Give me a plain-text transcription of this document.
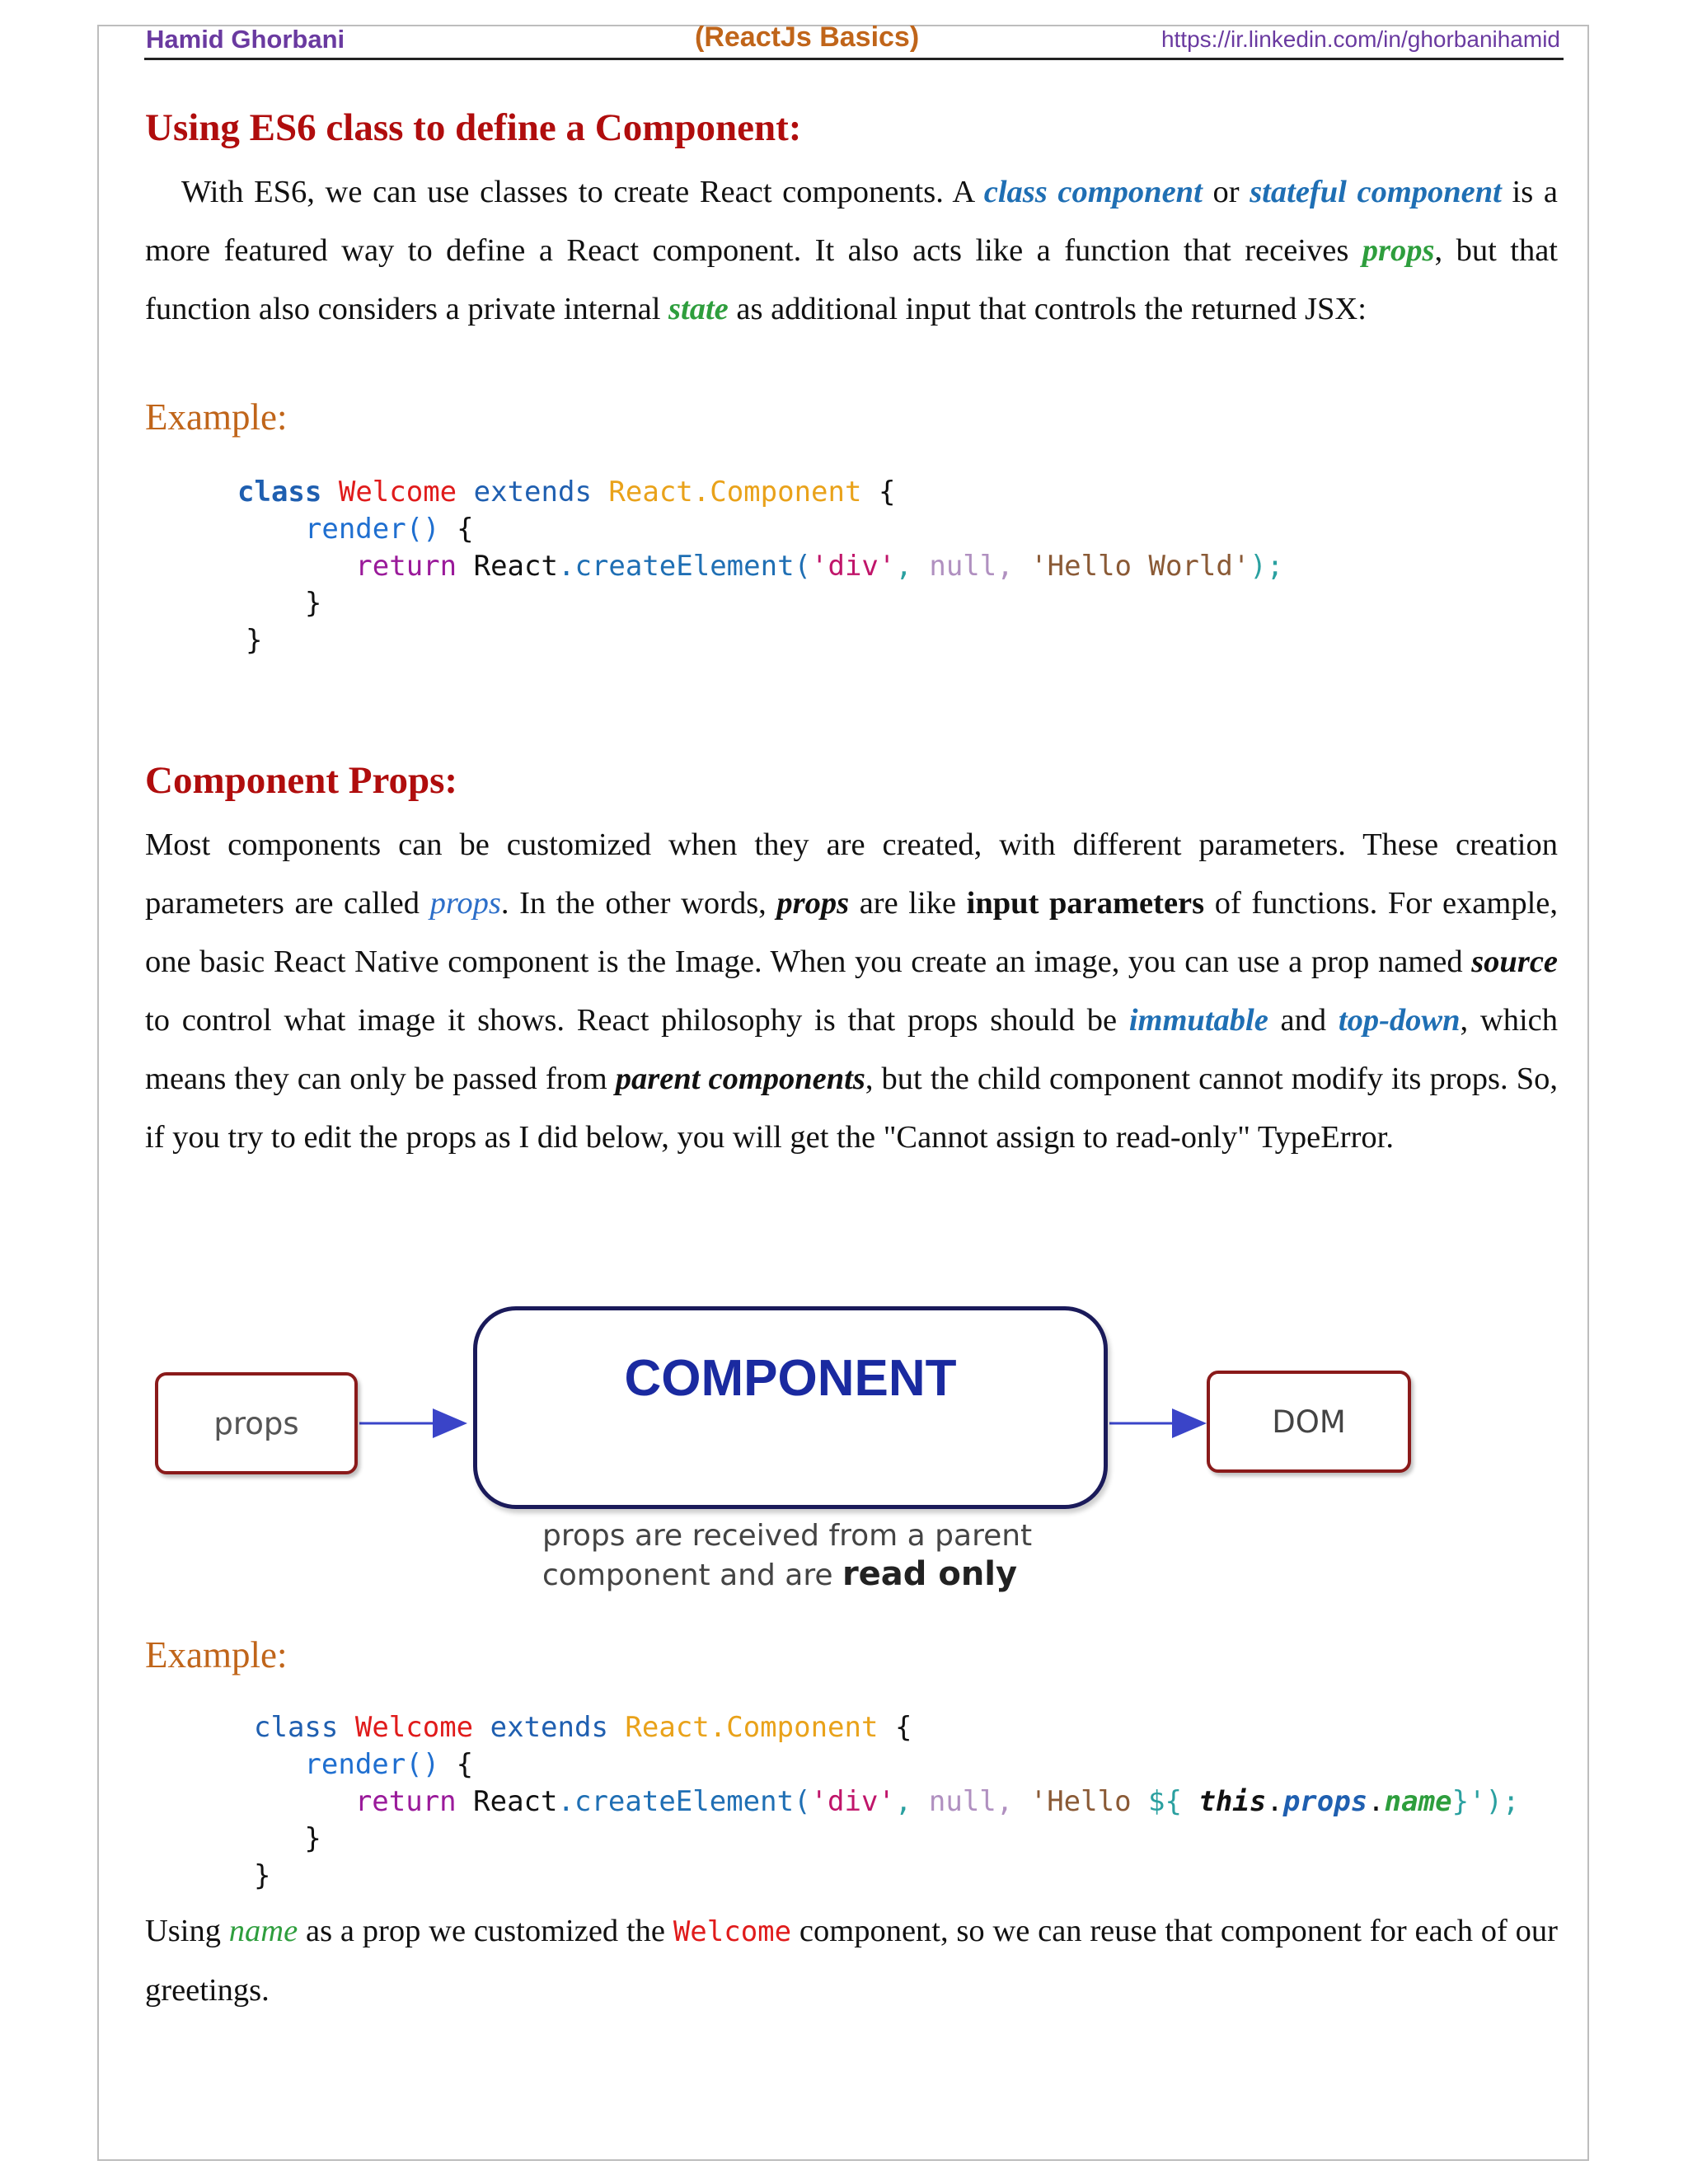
Hamid Ghorbani	(ReactJs Basics)	https://ir.linkedin.com/in/ghorbanihamid
Using ES6 class to define a Component:

With ES6, we can use classes to create React components. A class component or stateful component is a more featured way to define a React component. It also acts like a function that receives props, but that function also considers a private internal state as additional input that controls the returned JSX:

Example:
class Welcome extends React.Component {
render() {
return React.createElement('div', null, 'Hello World');
}
}
Component Props:

Most components can be customized when they are created, with different parameters. These creation parameters are called props. In the other words, props are like input parameters of functions. For example, one basic React Native component is the Image. When you create an image, you can use a prop named source to control what image it shows. React philosophy is that props should be immutable and top-down, which means they can only be passed from parent components, but the child component cannot modify its props. So, if you try to edit the props as I did below, you will get the "Cannot assign to read-only" TypeError.

props
COMPONENT
DOM
props are received from a parent
component and are read only
Example:
class Welcome extends React.Component {
render() {
return React.createElement('div', null, 'Hello ${ this.props.name}');
}
}

Using name as a prop we customized the Welcome component, so we can reuse that component for each of our greetings.
